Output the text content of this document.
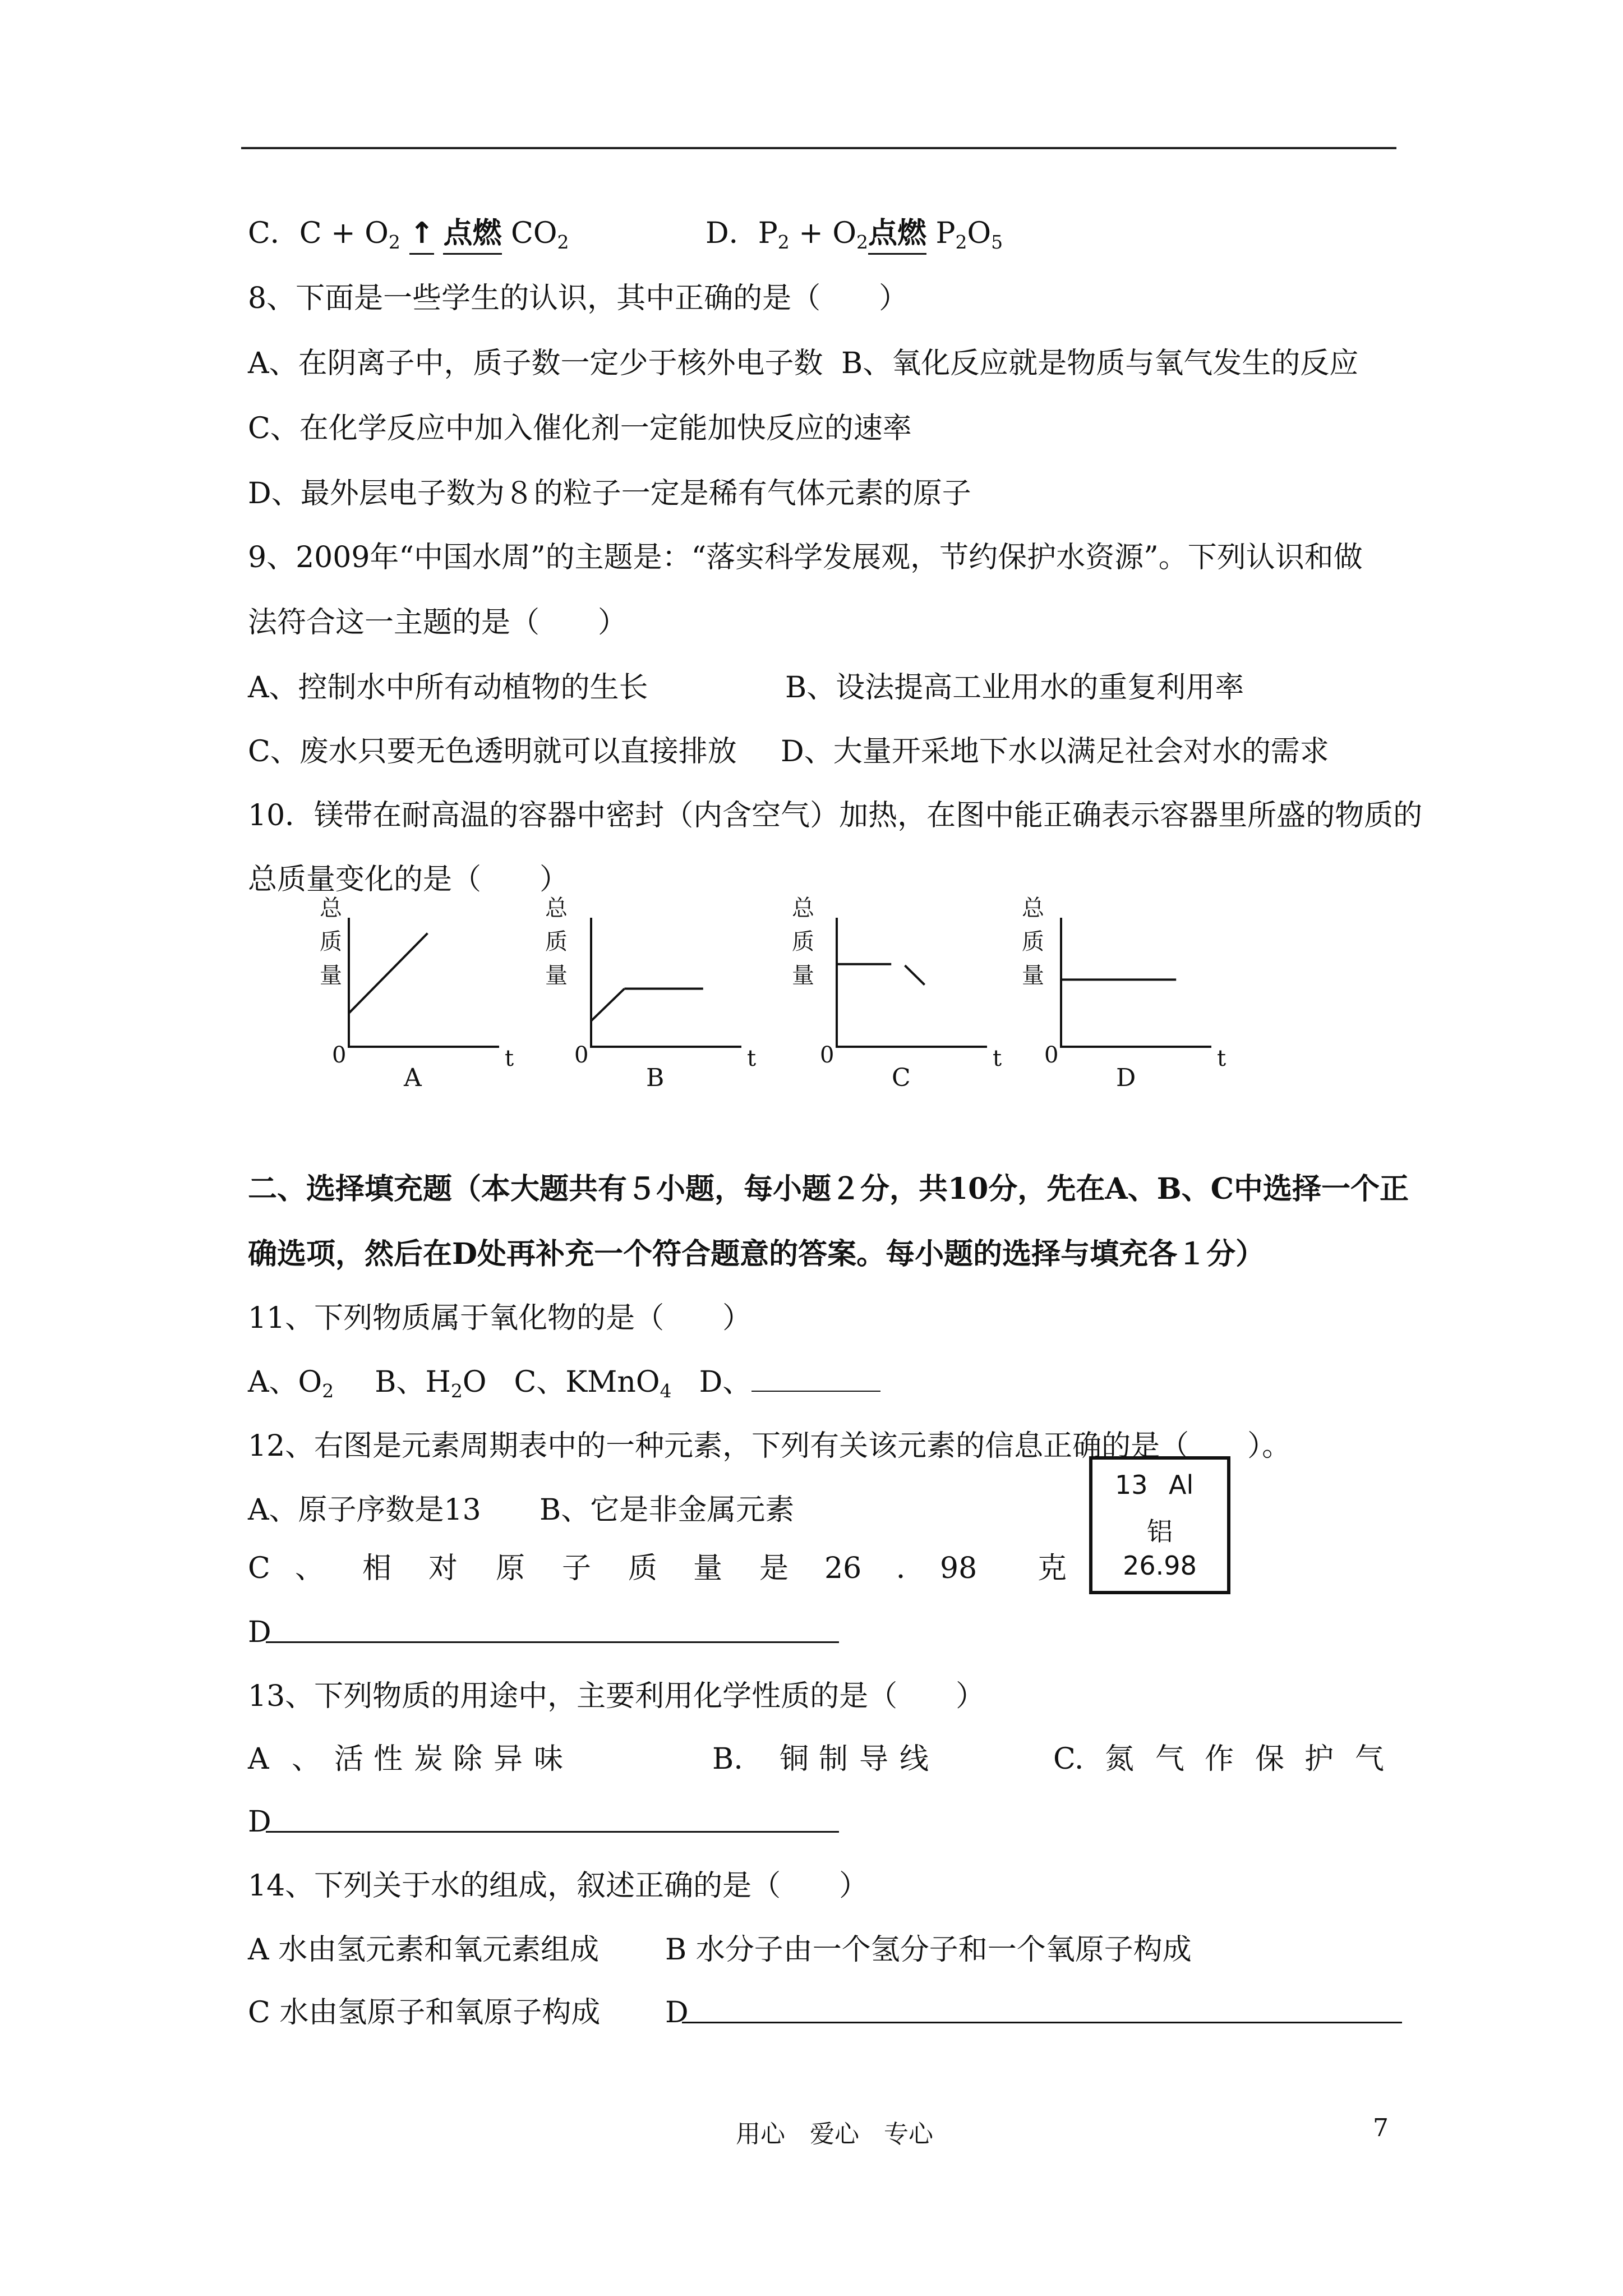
C．$C + O_2$ ↑ 点燃 $CO_2$	D．$P_2 + O_2$点燃 $P_2O_5$
8、下面是一些学生的认识，其中正确的是（　　）
A、在阴离子中，质子数一定少于核外电子数 B、氧化反应就是物质与氧气发生的反应
C、在化学反应中加入催化剂一定能加快反应的速率
D、最外层电子数为８的粒子一定是稀有气体元素的原子
9、2009年“中国水周”的主题是：“落实科学发展观，节约保护水资源”。下列认识和做
法符合这一主题的是（　　）
A、控制水中所有动植物的生长	B、设法提高工业用水的重复利用率
C、废水只要无色透明就可以直接排放 D、大量开采地下水以满足社会对水的需求
10．镁带在耐高温的容器中密封（内含空气）加热，在图中能正确表示容器里所盛的物质的
总质量变化的是（　　）
总
质
量
0	t
A
总
质
量
0	t
B
总
质
量
0	t
C
总
质
量
0	t
D
二、选择填充题（本大题共有５小题，每小题２分，共10分，先在A、B、C中选择一个正
确选项，然后在D处再补充一个符合题意的答案。每小题的选择与填充各１分）
11、下列物质属于氧化物的是（　　）
A、$O_2$ B、$H_2O$ C、KMnO$_4$ D、
12、右图是元素周期表中的一种元素，下列有关该元素的信息正确的是（　　）。
A、原子序数是13 B、它是非金属元素
C 、 相 对 原 子 质 量 是 26 ． 98 克
D
13 Al
铝
26.98
13、下列物质的用途中，主要利用化学性质的是（　　）
A 、 活 性 炭 除 异 味	B. 铜 制 导 线	C. 氮 气 作 保 护 气
D
14、下列关于水的组成，叙述正确的是（　　）
A 水由氢元素和氧元素组成 B 水分子由一个氢分子和一个氧原子构成
C 水由氢原子和氧原子构成 D
用心　爱心　专心	7
